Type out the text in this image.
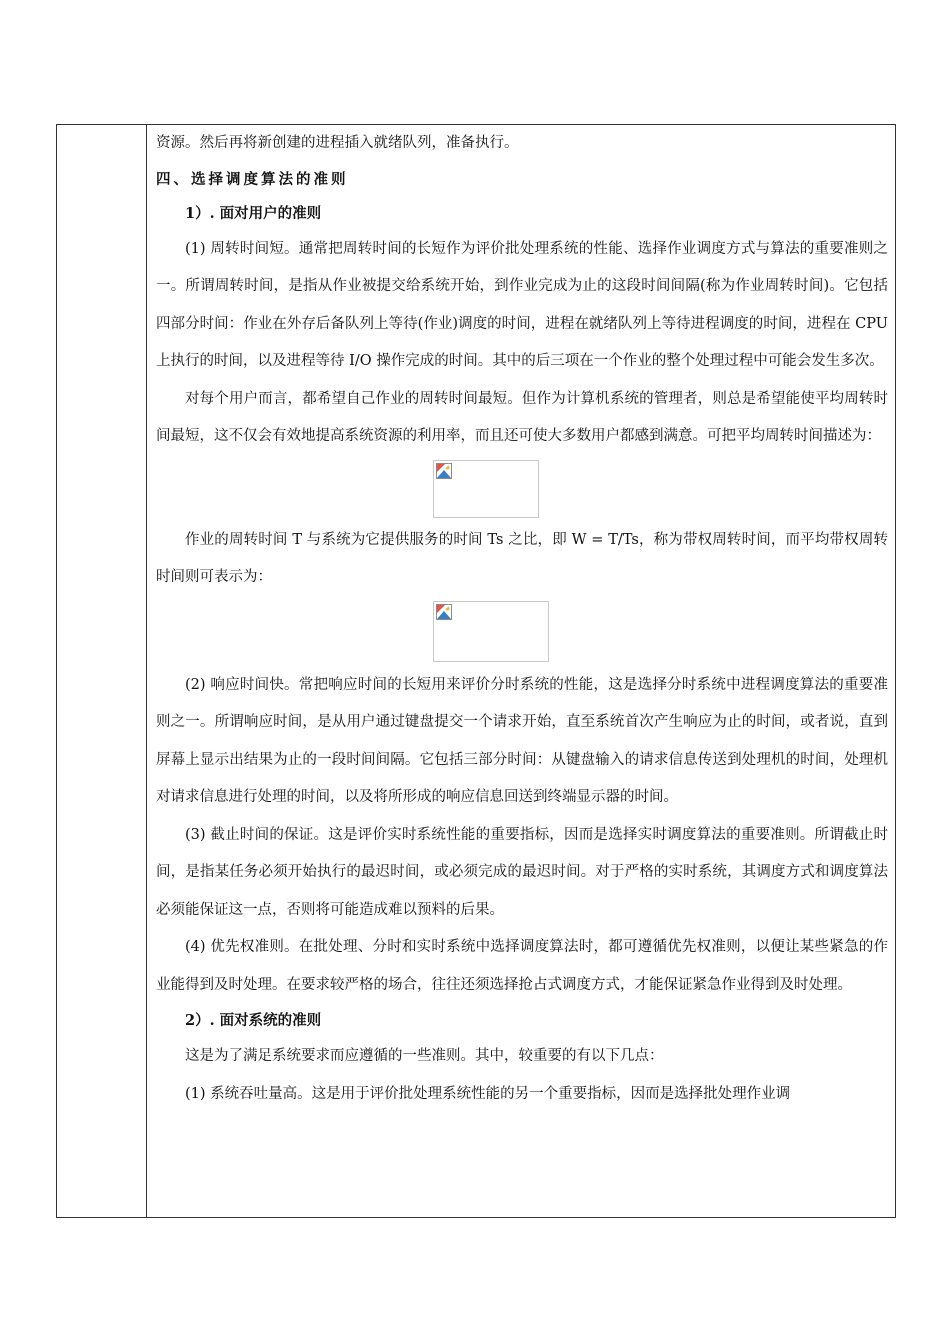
资源。然后再将新创建的进程插入就绪队列，准备执行。

四、选择调度算法的准则

1）. 面对用户的准则

(1) 周转时间短。通常把周转时间的长短作为评价批处理系统的性能、选择作业调度方式与算法的重要准则之一。所谓周转时间，是指从作业被提交给系统开始，到作业完成为止的这段时间间隔(称为作业周转时间)。它包括四部分时间：作业在外存后备队列上等待(作业)调度的时间，进程在就绪队列上等待进程调度的时间，进程在 CPU 上执行的时间，以及进程等待 I/O 操作完成的时间。其中的后三项在一个作业的整个处理过程中可能会发生多次。

对每个用户而言，都希望自己作业的周转时间最短。但作为计算机系统的管理者，则总是希望能使平均周转时间最短，这不仅会有效地提高系统资源的利用率，而且还可使大多数用户都感到满意。可把平均周转时间描述为：

作业的周转时间 T 与系统为它提供服务的时间 Ts 之比，即 W = T/Ts，称为带权周转时间，而平均带权周转时间则可表示为：

(2) 响应时间快。常把响应时间的长短用来评价分时系统的性能，这是选择分时系统中进程调度算法的重要准则之一。所谓响应时间，是从用户通过键盘提交一个请求开始，直至系统首次产生响应为止的时间，或者说，直到屏幕上显示出结果为止的一段时间间隔。它包括三部分时间：从键盘输入的请求信息传送到处理机的时间，处理机对请求信息进行处理的时间，以及将所形成的响应信息回送到终端显示器的时间。

(3) 截止时间的保证。这是评价实时系统性能的重要指标，因而是选择实时调度算法的重要准则。所谓截止时间，是指某任务必须开始执行的最迟时间，或必须完成的最迟时间。对于严格的实时系统，其调度方式和调度算法必须能保证这一点，否则将可能造成难以预料的后果。

(4) 优先权准则。在批处理、分时和实时系统中选择调度算法时，都可遵循优先权准则，以便让某些紧急的作业能得到及时处理。在要求较严格的场合，往往还须选择抢占式调度方式，才能保证紧急作业得到及时处理。

2）. 面对系统的准则

这是为了满足系统要求而应遵循的一些准则。其中，较重要的有以下几点：

(1) 系统吞吐量高。这是用于评价批处理系统性能的另一个重要指标，因而是选择批处理作业调
